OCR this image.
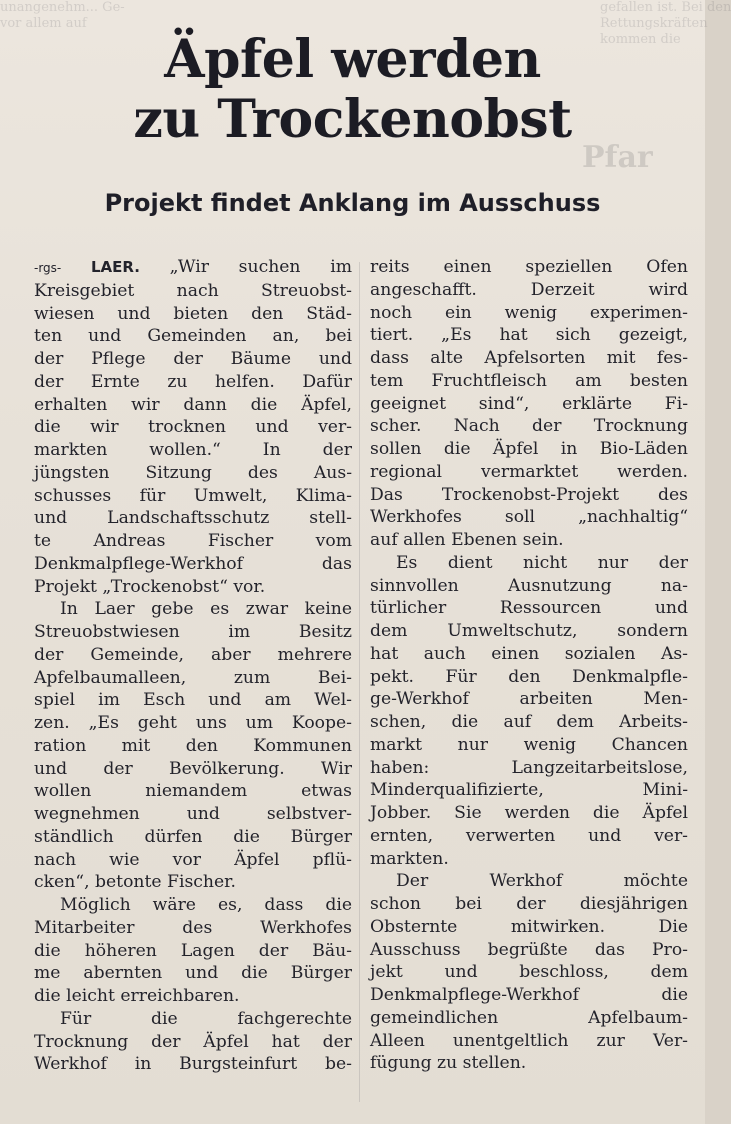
unangenehm... Ge-
vor allem auf
gefallen ist. Bei den
Rettungskräften
kommen die
Pfar
Äpfel werden
zu Trockenobst
Projekt findet Anklang im Ausschuss

-rgs- LAER. „Wir suchen im

Kreisgebiet nach Streuobst-

wiesen und bieten den Städ-

ten und Gemeinden an, bei

der Pflege der Bäume und

der Ernte zu helfen. Dafür

erhalten wir dann die Äpfel,

die wir trocknen und ver-

markten wollen.“ In der

jüngsten Sitzung des Aus-

schusses für Umwelt, Klima-

und Landschaftsschutz stell-

te Andreas Fischer vom

Denkmalpflege-Werkhof das

Projekt „Trockenobst“ vor.

In Laer gebe es zwar keine

Streuobstwiesen im Besitz

der Gemeinde, aber mehrere

Apfelbaumalleen, zum Bei-

spiel im Esch und am Wel-

zen. „Es geht uns um Koope-

ration mit den Kommunen

und der Bevölkerung. Wir

wollen niemandem etwas

wegnehmen und selbstver-

ständlich dürfen die Bürger

nach wie vor Äpfel pflü-

cken“, betonte Fischer.

Möglich wäre es, dass die

Mitarbeiter des Werkhofes

die höheren Lagen der Bäu-

me abernten und die Bürger

die leicht erreichbaren.

Für die fachgerechte

Trocknung der Äpfel hat der

Werkhof in Burgsteinfurt be-

reits einen speziellen Ofen

angeschafft. Derzeit wird

noch ein wenig experimen-

tiert. „Es hat sich gezeigt,

dass alte Apfelsorten mit fes-

tem Fruchtfleisch am besten

geeignet sind“, erklärte Fi-

scher. Nach der Trocknung

sollen die Äpfel in Bio-Läden

regional vermarktet werden.

Das Trockenobst-Projekt des

Werkhofes soll „nachhaltig“

auf allen Ebenen sein.

Es dient nicht nur der

sinnvollen Ausnutzung na-

türlicher Ressourcen und

dem Umweltschutz, sondern

hat auch einen sozialen As-

pekt. Für den Denkmalpfle-

ge-Werkhof arbeiten Men-

schen, die auf dem Arbeits-

markt nur wenig Chancen

haben: Langzeitarbeitslose,

Minderqualifizierte, Mini-

Jobber. Sie werden die Äpfel

ernten, verwerten und ver-

markten.

Der Werkhof möchte

schon bei der diesjährigen

Obsternte mitwirken. Die

Ausschuss begrüßte das Pro-

jekt und beschloss, dem

Denkmalpflege-Werkhof die

gemeindlichen Apfelbaum-

Alleen unentgeltlich zur Ver-

fügung zu stellen.
